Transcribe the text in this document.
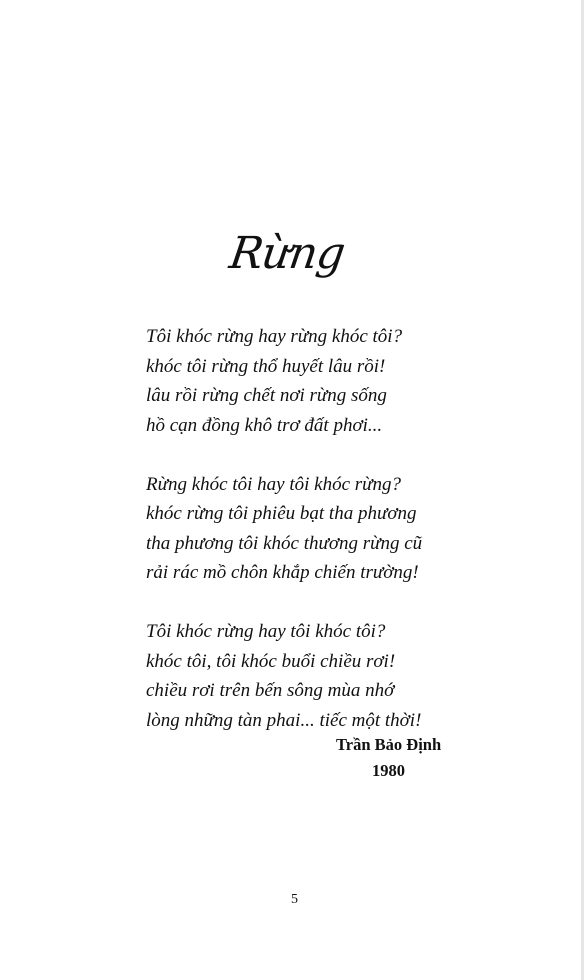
Rừng
Tôi khóc rừng hay rừng khóc tôi?
khóc tôi rừng thổ huyết lâu rồi!
lâu rồi rừng chết nơi rừng sống
hồ cạn đồng khô trơ đất phơi...
Rừng khóc tôi hay tôi khóc rừng?
khóc rừng tôi phiêu bạt tha phương
tha phương tôi khóc thương rừng cũ
rải rác mồ chôn khắp chiến trường!
Tôi khóc rừng hay tôi khóc tôi?
khóc tôi, tôi khóc buổi chiều rơi!
chiều rơi trên bến sông mùa nhớ
lòng những tàn phai... tiếc một thời!
Trần Bảo Định
1980
5
